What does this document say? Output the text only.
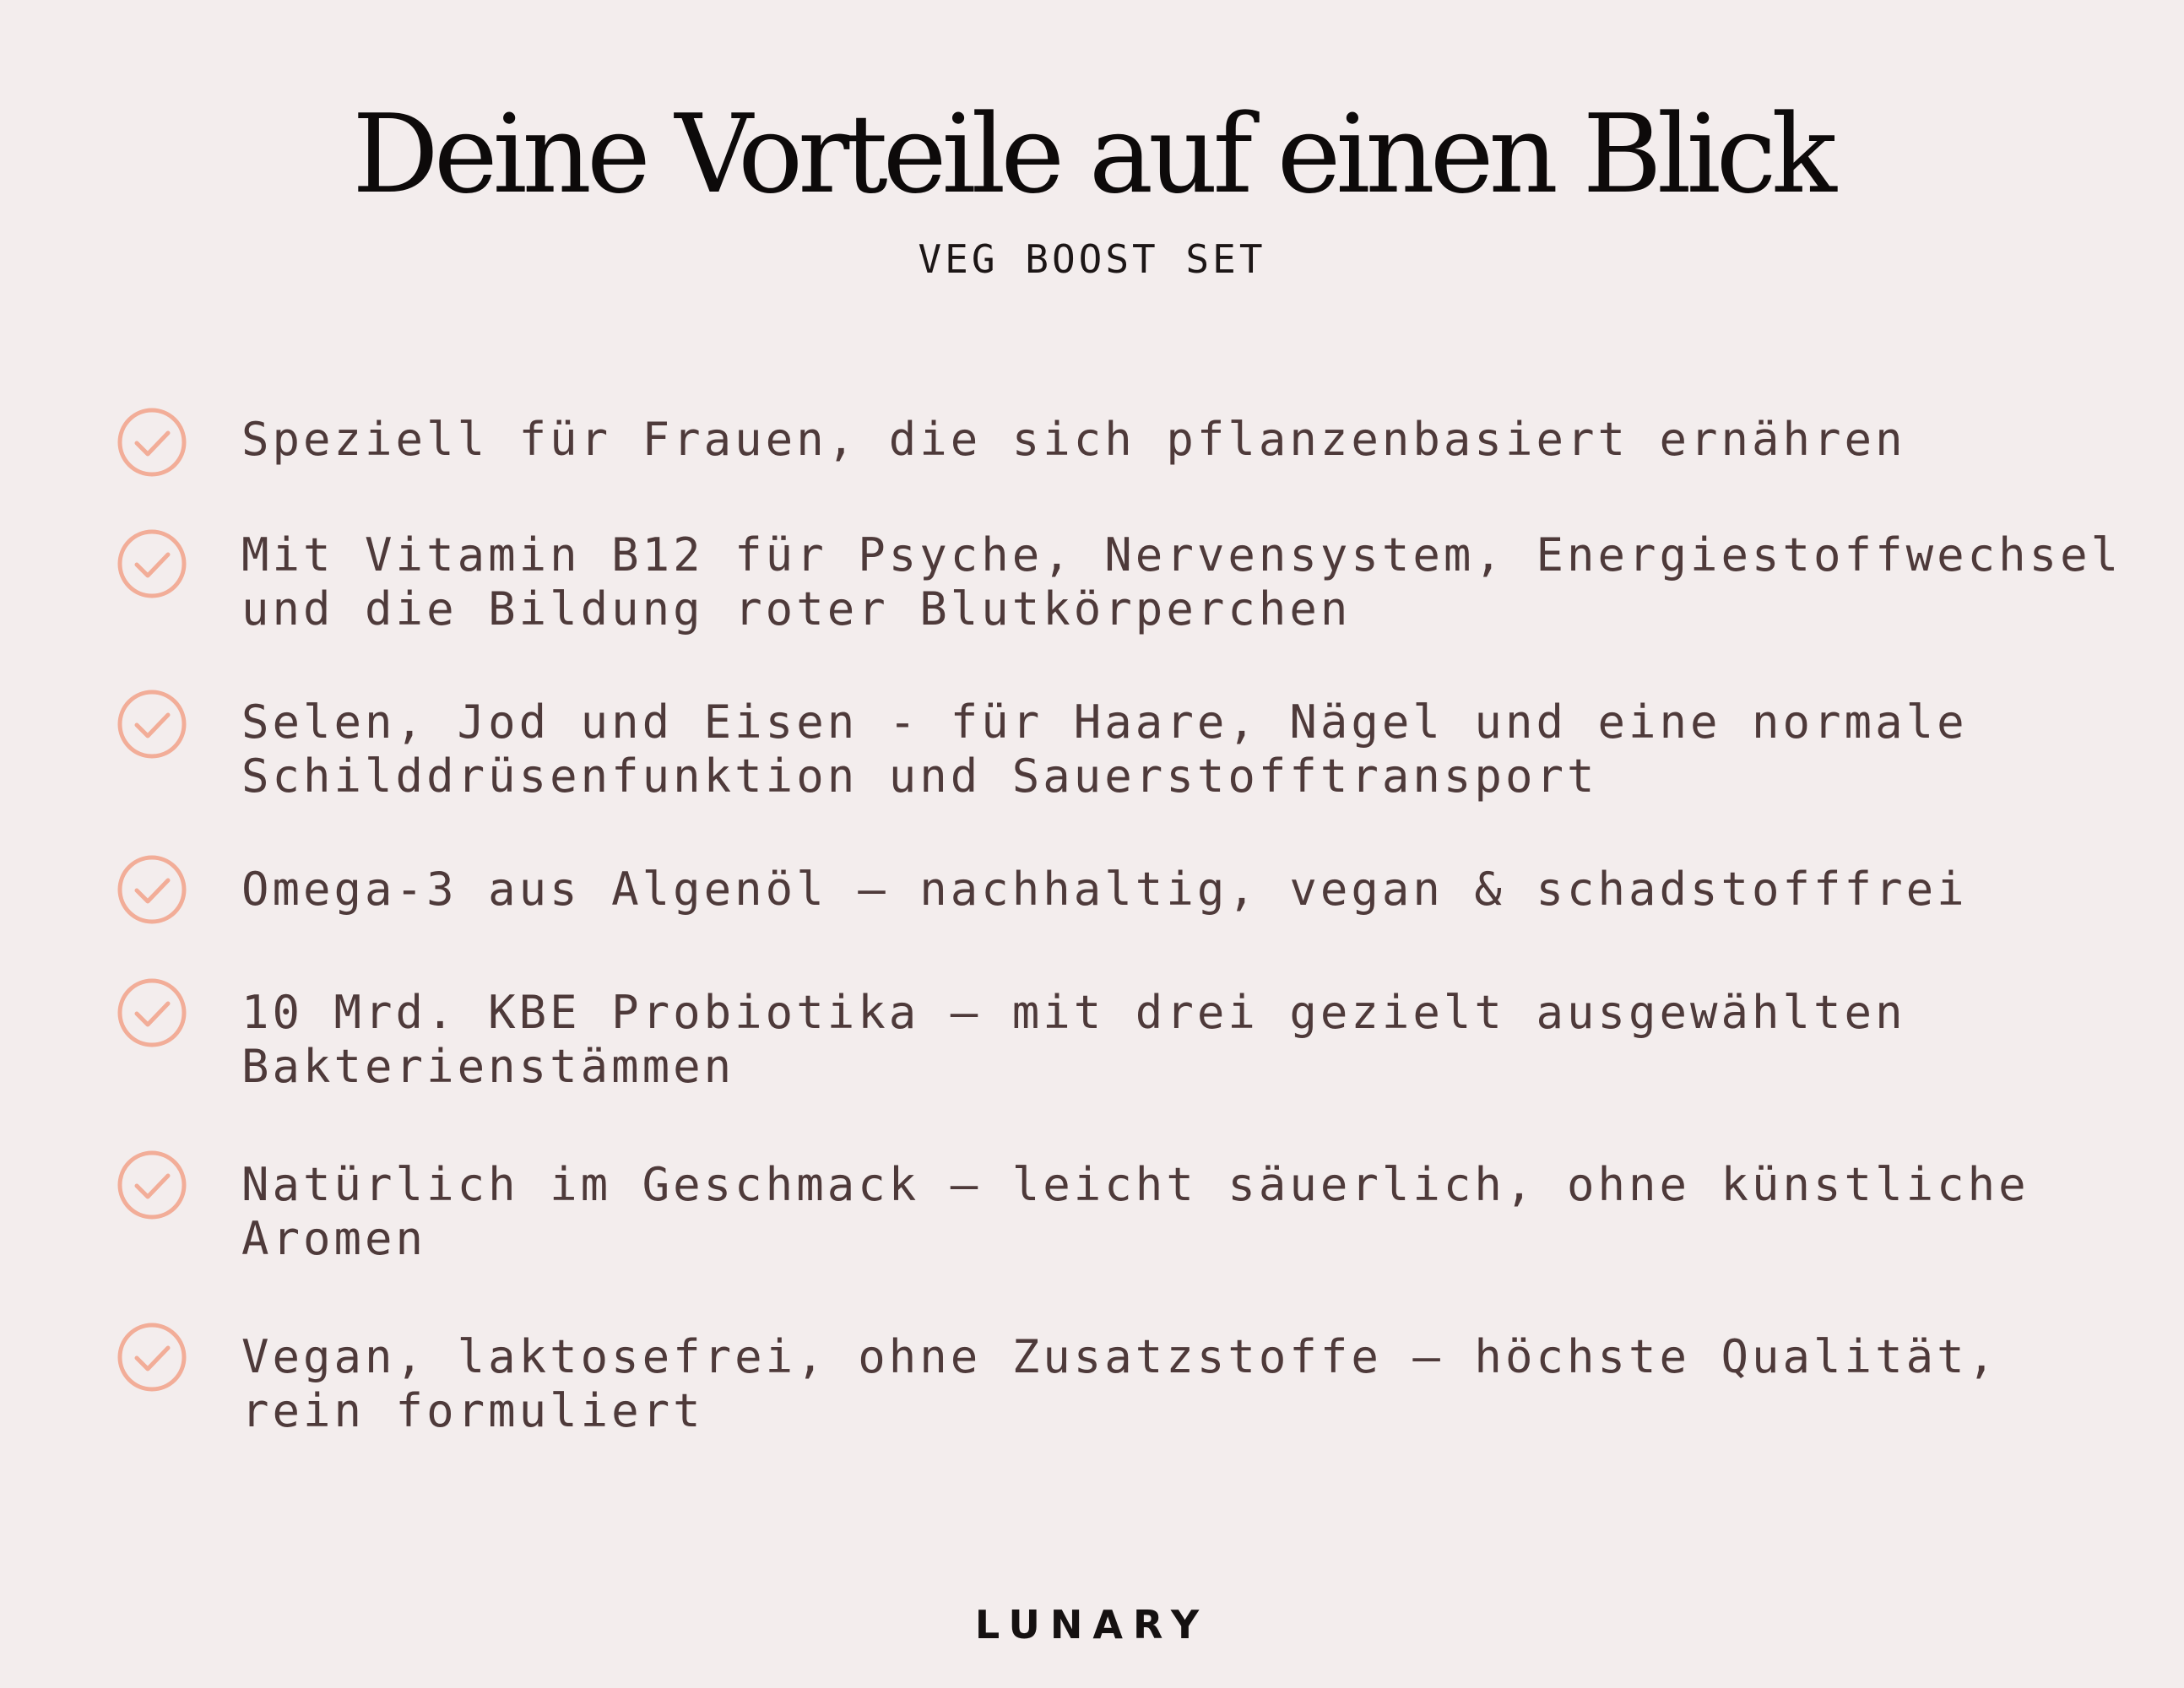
Deine Vorteile auf einen Blick
VEG BOOST SET
Speziell für Frauen, die sich pflanzenbasiert ernähren
Mit Vitamin B12 für Psyche, Nervensystem, Energiestoffwechsel
und die Bildung roter Blutkörperchen
Selen, Jod und Eisen - für Haare, Nägel und eine normale
Schilddrüsenfunktion und Sauerstofftransport
Omega-3 aus Algenöl – nachhaltig, vegan & schadstofffrei
10 Mrd. KBE Probiotika – mit drei gezielt ausgewählten
Bakterienstämmen
Natürlich im Geschmack – leicht säuerlich, ohne künstliche
Aromen
Vegan, laktosefrei, ohne Zusatzstoffe – höchste Qualität,
rein formuliert
LUNARY
